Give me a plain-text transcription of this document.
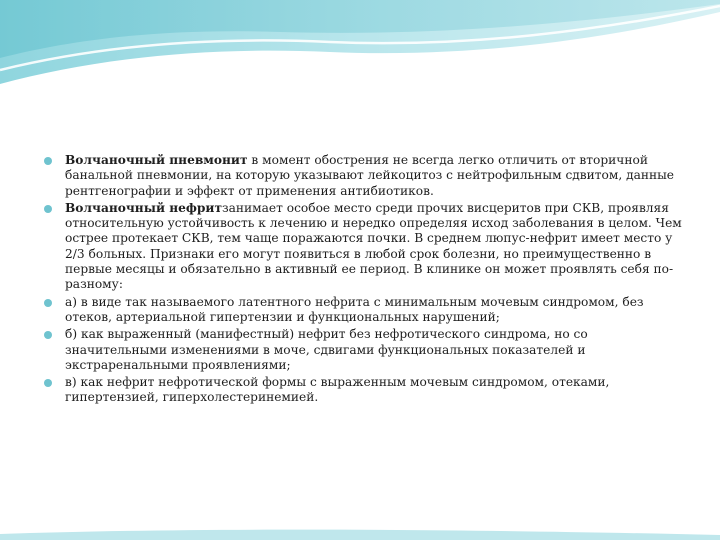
Волчаночный пневмонит в момент обострения не всегда легко отличить от вторичной банальной пневмонии, на которую указывают лейкоцитоз с нейтрофильным сдвитом, данные рентгенографии и эффект от применения антибиотиков.
Волчаночный нефритзанимает особое место среди прочих висцеритов при СКВ, проявляя относительную устойчивость к лечению и нередко определяя исход заболевания в целом. Чем острее протекает СКВ, тем чаще поражаются почки. В среднем люпус-нефрит имеет место у 2/3 больных. Признаки его могут появиться в любой срок болезни, но преимущественно в первые месяцы и обязательно в активный ее период. В клинике он может проявлять себя по-разному:
а) в виде так называемого латентного нефрита с минимальным мочевым синдромом, без отеков, артериальной гипертензии и функциональных нарушений;
б) как выраженный (манифестный) нефрит без нефротического синдрома, но со значительными изменениями в моче, сдвигами функциональных показателей и экстраренальными проявлениями;
в) как нефрит нефротической формы с выраженным мочевым синдромом, отеками, гипертензией, гиперхолестеринемией.
